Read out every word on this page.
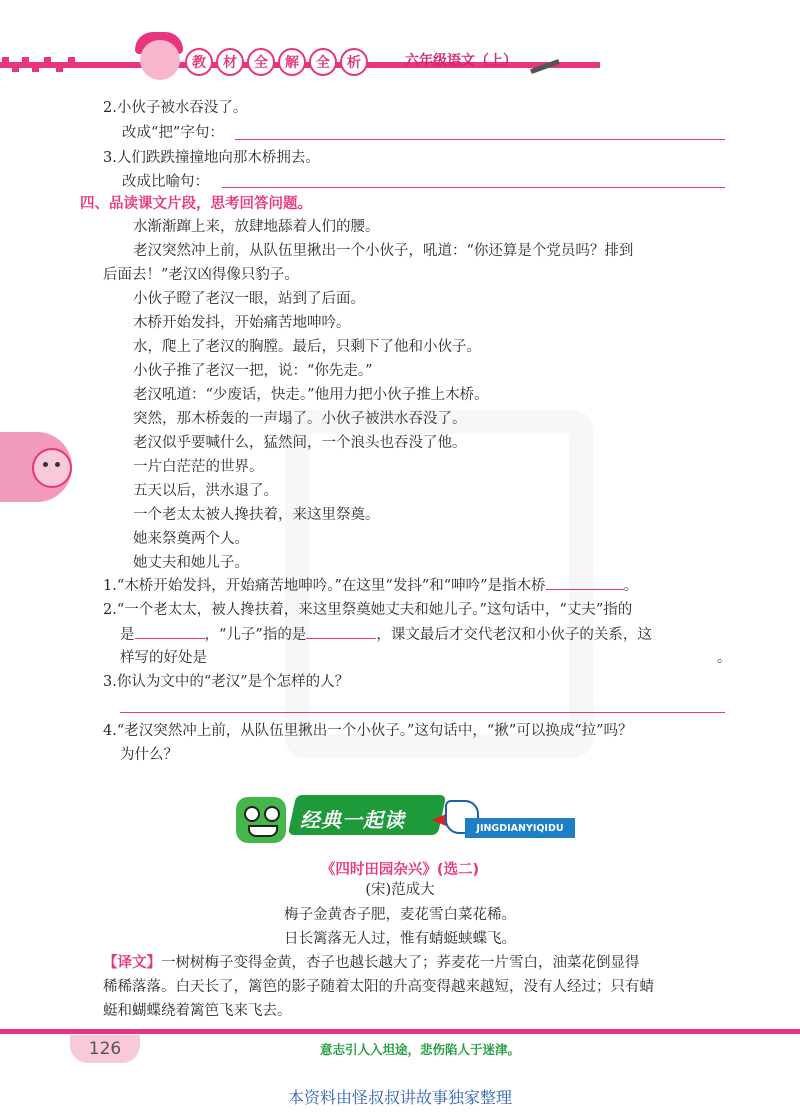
教	材	全	解	全	析	六年级语文（上）
2.小伙子被水吞没了。
改成“把”字句：
3.人们跌跌撞撞地向那木桥拥去。
改成比喻句：
四、品读课文片段，思考回答问题。
水渐渐蹿上来，放肆地舔着人们的腰。
老汉突然冲上前，从队伍里揪出一个小伙子，吼道：“你还算是个党员吗？排到
后面去！”老汉凶得像只豹子。
小伙子瞪了老汉一眼，站到了后面。
木桥开始发抖，开始痛苦地呻吟。
水，爬上了老汉的胸膛。最后，只剩下了他和小伙子。
小伙子推了老汉一把，说：“你先走。”
老汉吼道：“少废话，快走。”他用力把小伙子推上木桥。
突然，那木桥轰的一声塌了。小伙子被洪水吞没了。
老汉似乎要喊什么，猛然间，一个浪头也吞没了他。
一片白茫茫的世界。
五天以后，洪水退了。
一个老太太被人搀扶着，来这里祭奠。
她来祭奠两个人。
她丈夫和她儿子。
1.“木桥开始发抖，开始痛苦地呻吟。”在这里“发抖”和“呻吟”是指木桥	。
2.“一个老太太，被人搀扶着，来这里祭奠她丈夫和她儿子。”这句话中，“丈夫”指的
是	，“儿子”指的是	，课文最后才交代老汉和小伙子的关系，这
样写的好处是	。
3.你认为文中的“老汉”是个怎样的人？
4.“老汉突然冲上前，从队伍里揪出一个小伙子。”这句话中，“揪”可以换成“拉”吗？
为什么？
经典一起读	JINGDIANYIQIDU
《四时田园杂兴》(选二)
(宋)范成大
梅子金黄杏子肥，麦花雪白菜花稀。
日长篱落无人过，惟有蜻蜓蛱蝶飞。
【译文】一树树梅子变得金黄，杏子也越长越大了；荞麦花一片雪白，油菜花倒显得
稀稀落落。白天长了，篱笆的影子随着太阳的升高变得越来越短，没有人经过；只有蜻
蜓和蝴蝶绕着篱笆飞来飞去。
126	意志引人入坦途，悲伤陷人于迷津。
本资料由怪叔叔讲故事独家整理
